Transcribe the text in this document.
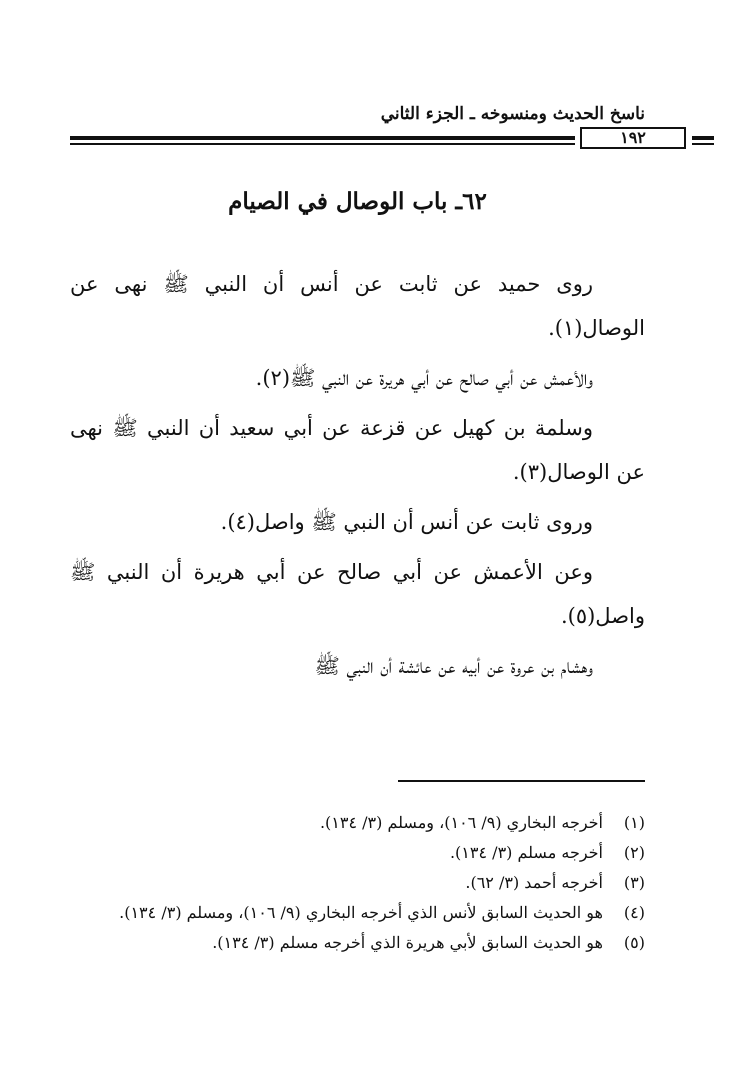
ناسخ الحديث ومنسوخه ـ الجزء الثاني
١٩٢
٦٢ـ باب الوصال في الصيام

روى حميد عن ثابت عن أنس أن النبي ﷺ نهى عن الوصال(١).

والأعمش عن أبي صالح عن أبي هريرة عن النبي ﷺ(٢).

وسلمة بن كهيل عن قزعة عن أبي سعيد أن النبي ﷺ نهى عن الوصال(٣).

وروى ثابت عن أنس أن النبي ﷺ واصل(٤).

وعن الأعمش عن أبي صالح عن أبي هريرة أن النبي ﷺ واصل(٥).

وهشام بن عروة عن أبيه عن عائشة أن النبي ﷺ

(١)
أخرجه البخاري (٩/ ١٠٦)، ومسلم (٣/ ١٣٤).
(٢)
أخرجه مسلم (٣/ ١٣٤).
(٣)
أخرجه أحمد (٣/ ٦٢).
(٤)
هو الحديث السابق لأنس الذي أخرجه البخاري (٩/ ١٠٦)، ومسلم (٣/ ١٣٤).
(٥)
هو الحديث السابق لأبي هريرة الذي أخرجه مسلم (٣/ ١٣٤).
